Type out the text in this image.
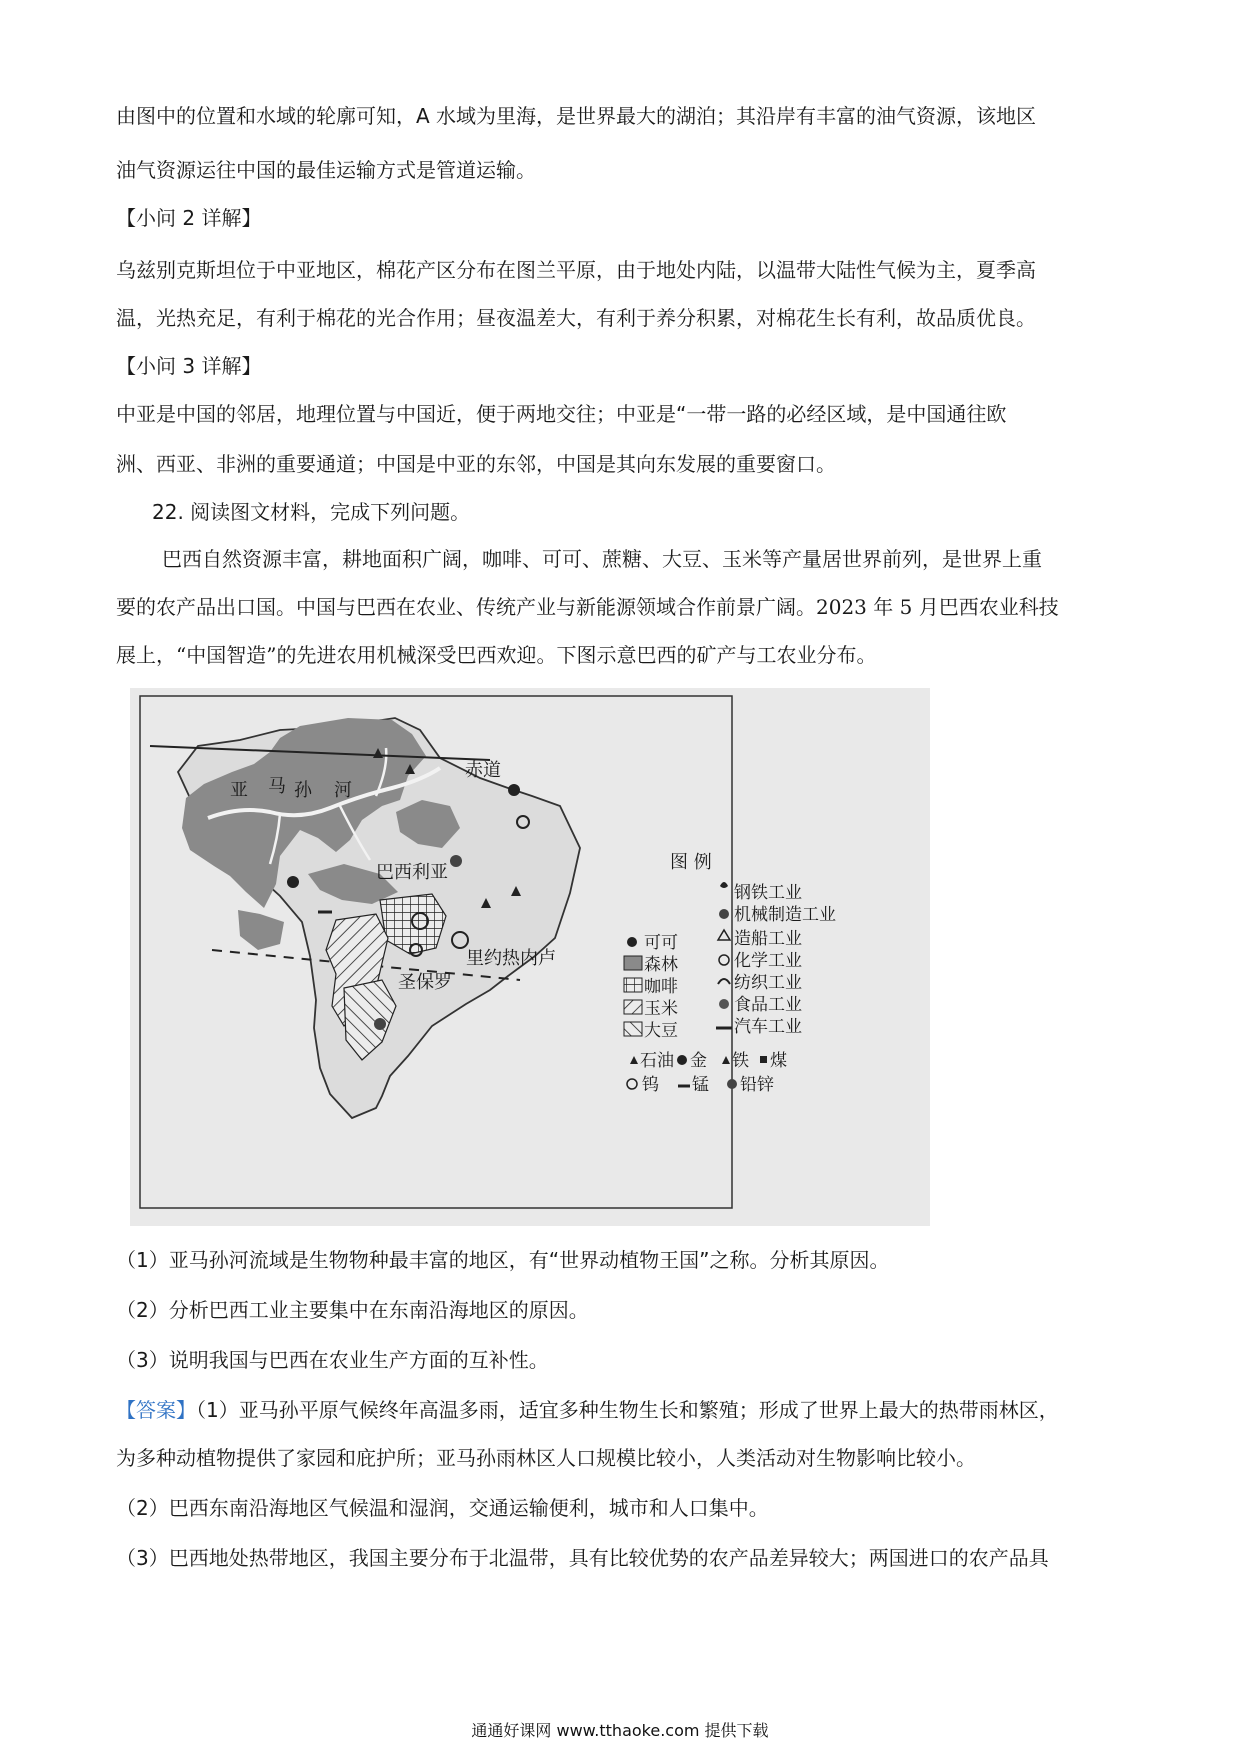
由图中的位置和水域的轮廓可知，A 水域为里海，是世界最大的湖泊；其沿岸有丰富的油气资源，该地区
油气资源运往中国的最佳运输方式是管道运输。
【小问 2 详解】
乌兹别克斯坦位于中亚地区，棉花产区分布在图兰平原，由于地处内陆，以温带大陆性气候为主，夏季高
温，光热充足，有利于棉花的光合作用；昼夜温差大，有利于养分积累，对棉花生长有利，故品质优良。
【小问 3 详解】
中亚是中国的邻居，地理位置与中国近，便于两地交往；中亚是“一带一路的必经区域，是中国通往欧
洲、西亚、非洲的重要通道；中国是中亚的东邻，中国是其向东发展的重要窗口。
22. 阅读图文材料，完成下列问题。
巴西自然资源丰富，耕地面积广阔，咖啡、可可、蔗糖、大豆、玉米等产量居世界前列，是世界上重
要的农产品出口国。中国与巴西在农业、传统产业与新能源领域合作前景广阔。2023 年 5 月巴西农业科技
展上，“中国智造”的先进农用机械深受巴西欢迎。下图示意巴西的矿产与工农业分布。
赤道
亚 马 孙 河
巴西利亚
里约热内卢
圣保罗
图 例
可可
森林
咖啡
玉米
大豆
钢铁工业
机械制造工业
造船工业
化学工业
纺织工业
食品工业
汽车工业
石油 金 铁 煤
钨 锰 铅锌
（1）亚马孙河流域是生物物种最丰富的地区，有“世界动植物王国”之称。分析其原因。
（2）分析巴西工业主要集中在东南沿海地区的原因。
（3）说明我国与巴西在农业生产方面的互补性。
【答案】（1）亚马孙平原气候终年高温多雨，适宜多种生物生长和繁殖；形成了世界上最大的热带雨林区，
为多种动植物提供了家园和庇护所；亚马孙雨林区人口规模比较小，人类活动对生物影响比较小。
（2）巴西东南沿海地区气候温和湿润，交通运输便利，城市和人口集中。
（3）巴西地处热带地区，我国主要分布于北温带，具有比较优势的农产品差异较大；两国进口的农产品具
通通好课网 www.tthaoke.com 提供下载
